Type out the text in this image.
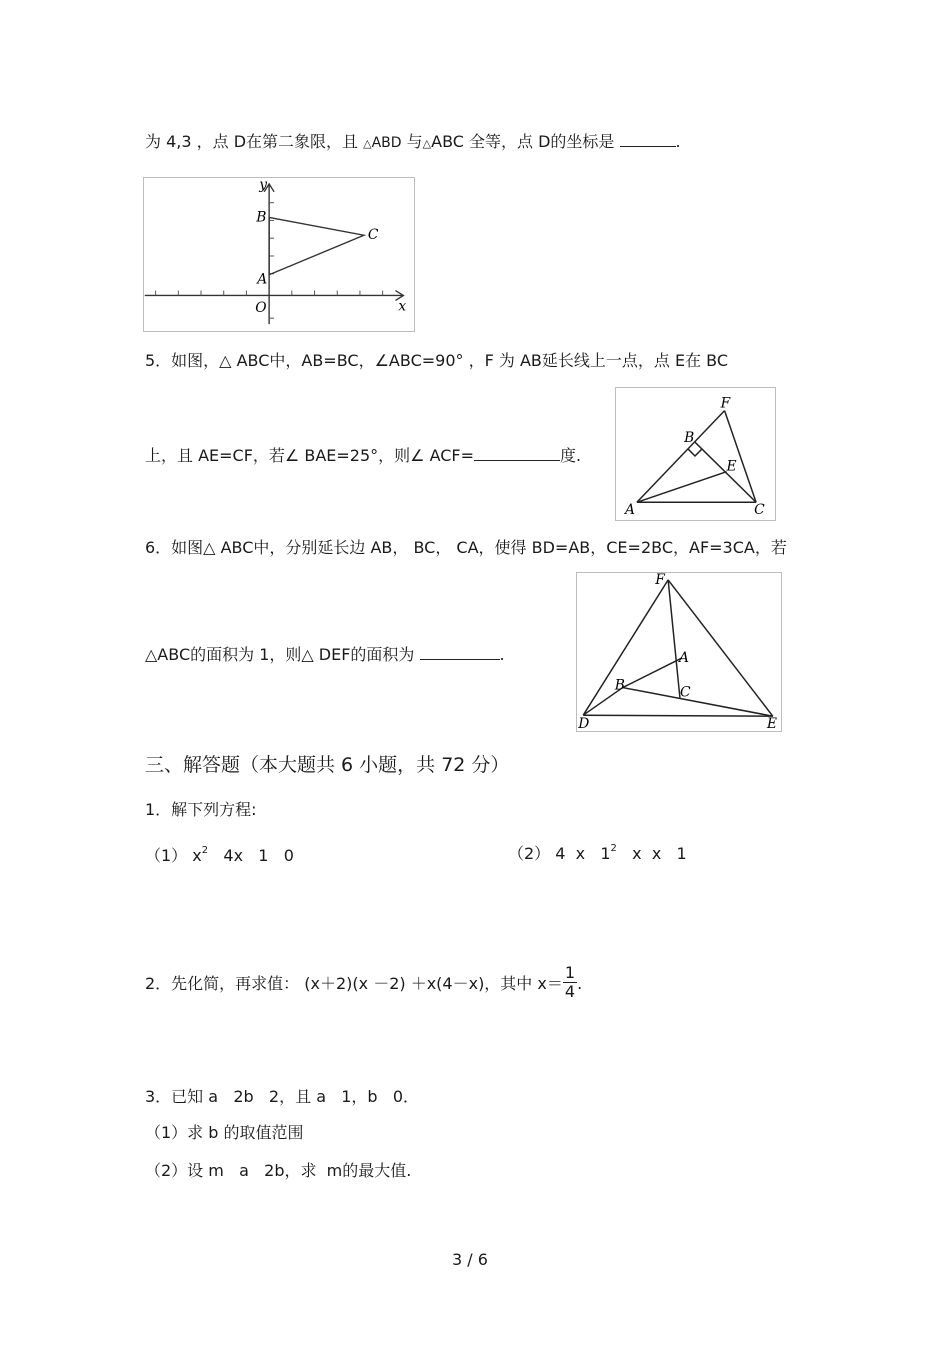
为 4,3 ，点 D在第二象限，且 △ABD 与△ABC 全等，点 D的坐标是	.
y
x
B
C
A
O
5．如图，△ ABC中，AB=BC，∠ABC=90° ，F 为 AB延长线上一点，点 E在 BC
上，且 AE=CF，若∠ BAE=25°，则∠ ACF=	度.
F
B
E
A	C
6．如图△ ABC中，分别延长边 AB， BC， CA，使得 BD=AB，CE=2BC，AF=3CA，若
△ABC的面积为 1，则△ DEF的面积为	.
F
A
B	C
D	E
三、解答题（本大题共 6 小题，共 72 分）
1．解下列方程:
（1） $x^2$   4x   1   0	（2） 4  x   $1^2$   x  x   1
2．先化简，再求值： (x＋2)(x －2) ＋x(4－x)，其中 $x= \frac{1}{4}$ .
3．已知 a   2b   2，且 a   1，b   0．
（1）求 b 的取值范围
（2）设 m   a   2b，求  m的最大值.
3 / 6
